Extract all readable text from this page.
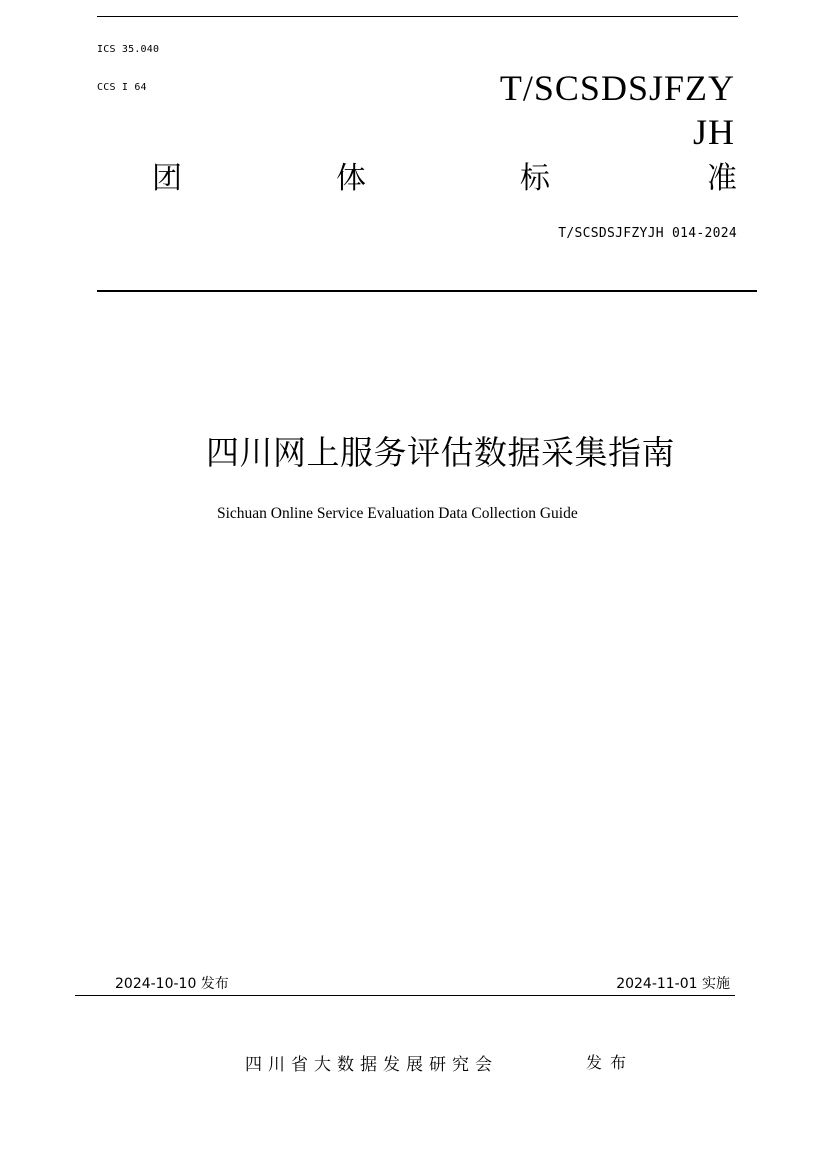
ICS 35.040
CCS I 64	T/SCSDSJFZY
JH
团	体	标	准
T/SCSDSJFZYJH 014-2024
四川网上服务评估数据采集指南
Sichuan Online Service Evaluation Data Collection Guide
2024-10-10 发布	2024-11-01 实施
四川省大数据发展研究会	发布
